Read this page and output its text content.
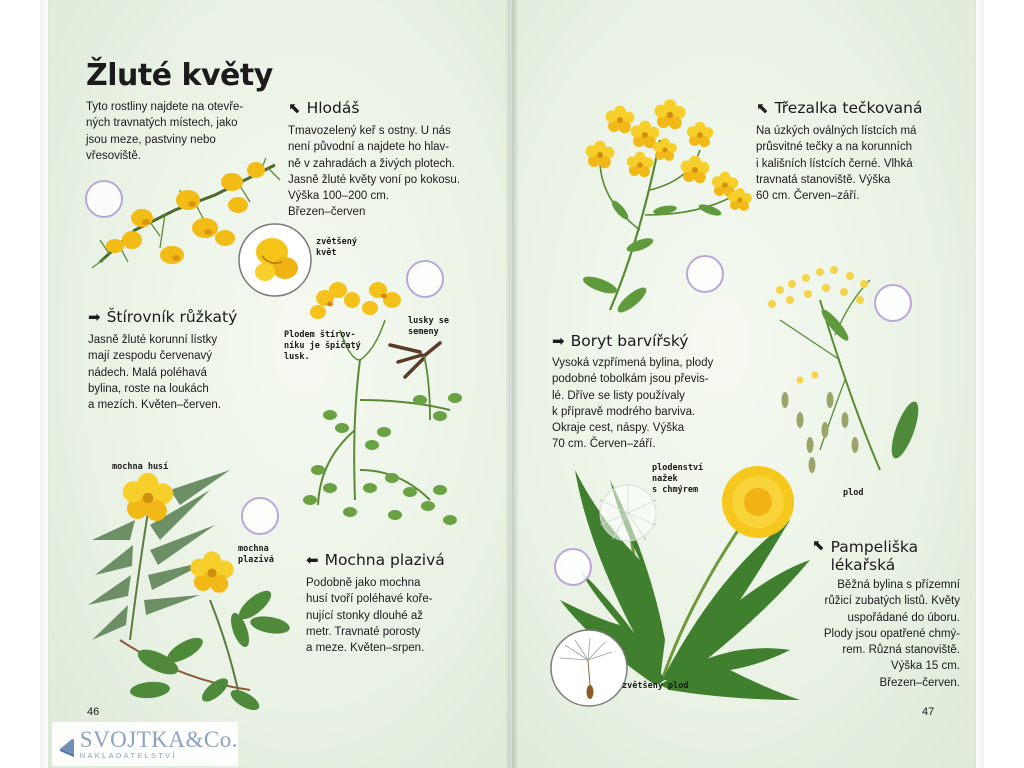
Žluté květy
Tyto rostliny najdete na otevře-
ných travnatých místech, jako
jsou meze, pastviny nebo
vřesoviště.
⬉ Hlodáš
Tmavozelený keř s ostny. U nás
není původní a najdete ho hlav-
ně v zahradách a živých plotech.
Jasně žluté květy voní po kokosu.
Výška 100–200 cm.
Březen–červen
zvětšený
květ
➡ Štírovník růžkatý
Jasně žluté korunní lístky
mají zespodu červenavý
nádech. Malá poléhavá
bylina, roste na loukách
a mezích. Květen–červen.
Plodem štírov-
níku je špičatý
lusk.
lusky se
semeny
mochna husí
mochna
plazivá ⬅ Mochna plazivá
Podobně jako mochna
husí tvoří poléhavé koře-
nující stonky dlouhé až
metr. Travnaté porosty
a meze. Květen–srpen.
46
SVOJTKA&Co.
NAKLADATELSTVÍ
⬉ Třezalka tečkovaná
Na úzkých oválných lístcích má
průsvitné tečky a na korunních
i kališních lístcích černé. Vlhká
travnatá stanoviště. Výška
60 cm. Červen–září.
➡ Boryt barvířský
Vysoká vzpřímená bylina, plody
podobné tobolkám jsou převis-
lé. Dříve se listy používaly
k přípravě modrého barviva.
Okraje cest, náspy. Výška
70 cm. Červen–září.
plod
plodenství
nažek
s chmýrem
⬉ Pampeliška
lékařská
Běžná bylina s přízemní
růžicí zubatých listů. Květy
uspořádané do úboru.
Plody jsou opatřené chmý-
rem. Různá stanoviště.
Výška 15 cm.
Březen–červen.
zvětšený plod
47
